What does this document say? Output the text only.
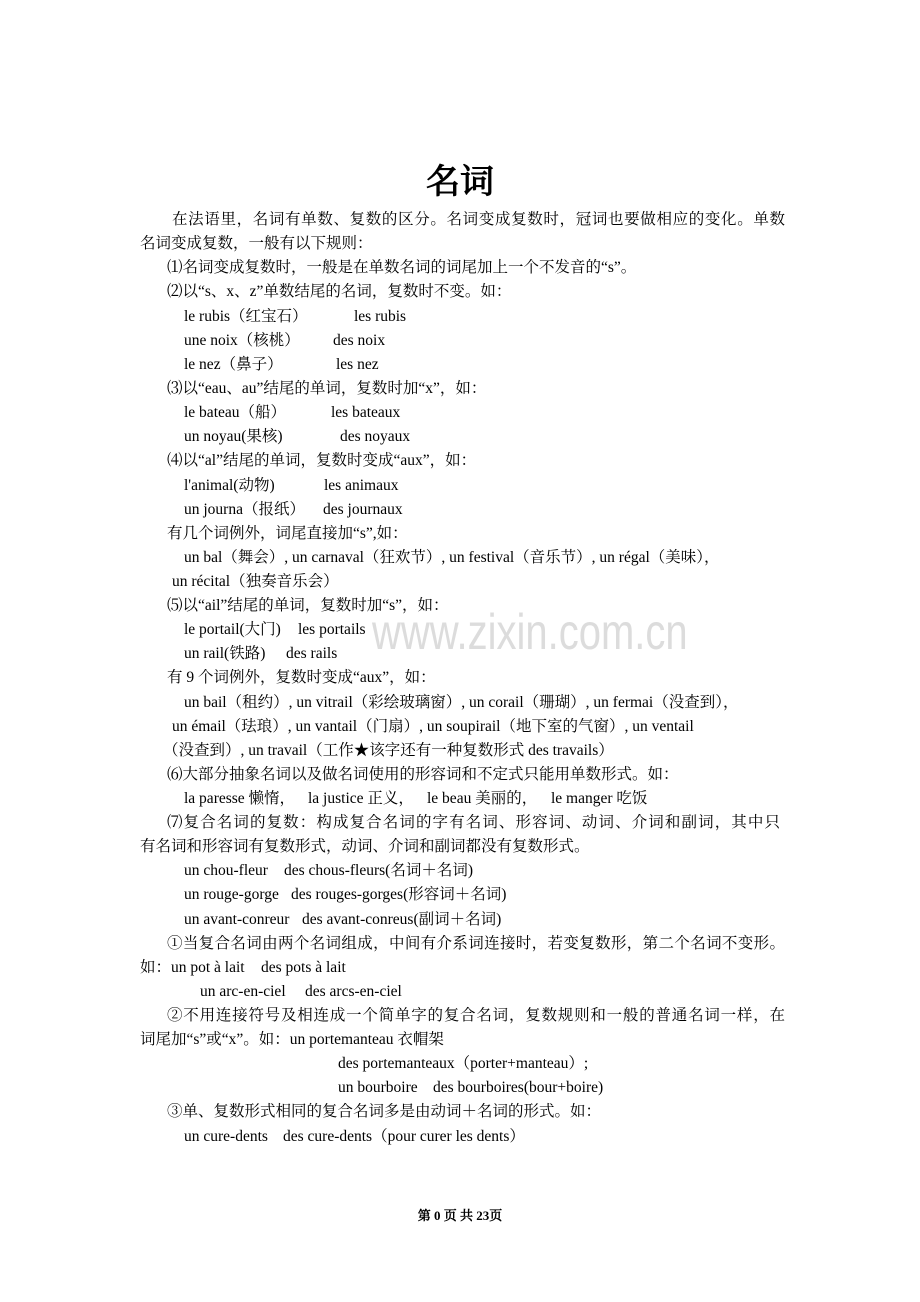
www.zixin.com.cn
名词
在法语里，名词有单数、复数的区分。名词变成复数时，冠词也要做相应的变化。单数
名词变成复数，一般有以下规则：
⑴名词变成复数时，一般是在单数名词的词尾加上一个不发音的“s”。
⑵以“s、x、z”单数结尾的名词，复数时不变。如：
le rubis（红宝石）	les rubis
une noix（核桃） des noix
le nez（鼻子）	les nez
⑶以“eau、au”结尾的单词，复数时加“x”，如：
le bateau（船）	les bateaux
un noyau(果核)	des noyaux
⑷以“al”结尾的单词，复数时变成“aux”，如：
l'animal(动物)	les animaux
un journa（报纸） des journaux
有几个词例外，词尾直接加“s”,如：
un bal（舞会）, un carnaval（狂欢节）, un festival（音乐节）, un régal（美味），
un récital（独奏音乐会）
⑸以“ail”结尾的单词，复数时加“s”，如：
le portail(大门) les portails
un rail(铁路) des rails
有 9 个词例外，复数时变成“aux”，如：
un bail（租约）, un vitrail（彩绘玻璃窗）, un corail（珊瑚）, un fermai（没查到），
un émail（珐琅）, un vantail（门扇）, un soupirail（地下室的气窗）, un ventail
（没查到）, un travail（工作★该字还有一种复数形式 des travails）
⑹大部分抽象名词以及做名词使用的形容词和不定式只能用单数形式。如：
la paresse 懒惰， la justice 正义， le beau 美丽的， le manger 吃饭
⑺复合名词的复数：构成复合名词的字有名词、形容词、动词、介词和副词，其中只
有名词和形容词有复数形式，动词、介词和副词都没有复数形式。
un chou-fleur des chous-fleurs(名词＋名词)
un rouge-gorge des rouges-gorges(形容词＋名词)
un avant-conreur des avant-conreus(副词＋名词)
①当复合名词由两个名词组成，中间有介系词连接时，若变复数形，第二个名词不变形。
如：un pot à lait des pots à lait
un arc-en-ciel des arcs-en-ciel
②不用连接符号及相连成一个简单字的复合名词，复数规则和一般的普通名词一样，在
词尾加“s”或“x”。如：un portemanteau 衣帽架
des portemanteaux（porter+manteau）;
un bourboire des bourboires(bour+boire)
③单、复数形式相同的复合名词多是由动词＋名词的形式。如：
un cure-dents des cure-dents（pour curer les dents）
第 0 页 共 23页
